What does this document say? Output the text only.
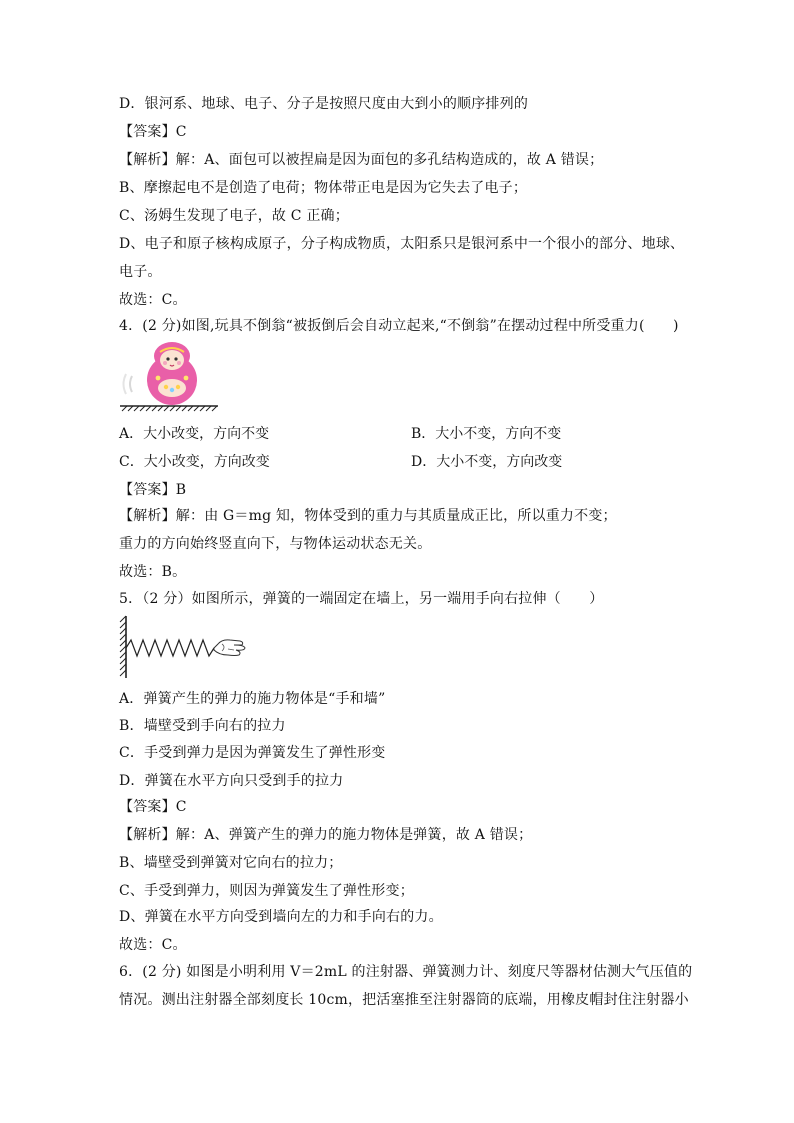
D．银河系、地球、电子、分子是按照尺度由大到小的顺序排列的
【答案】C
【解析】解：A、面包可以被捏扁是因为面包的多孔结构造成的，故 A 错误；
B、摩擦起电不是创造了电荷；物体带正电是因为它失去了电子；
C、汤姆生发现了电子，故 C 正确；
D、电子和原子核构成原子，分子构成物质，太阳系只是银河系中一个很小的部分、地球、
电子。
故选：C。
4．(2 分)如图,玩具不倒翁“被扳倒后会自动立起来,“不倒翁”在摆动过程中所受重力(　　)
A．大小改变，方向不变	B．大小不变，方向不变
C．大小改变，方向改变	D．大小不变，方向改变
【答案】B
【解析】解：由 G＝mg 知，物体受到的重力与其质量成正比，所以重力不变；
重力的方向始终竖直向下，与物体运动状态无关。
故选：B。
5．（2 分）如图所示，弹簧的一端固定在墙上，另一端用手向右拉伸（　　）
A．弹簧产生的弹力的施力物体是“手和墙”
B．墙壁受到手向右的拉力
C．手受到弹力是因为弹簧发生了弹性形变
D．弹簧在水平方向只受到手的拉力
【答案】C
【解析】解：A、弹簧产生的弹力的施力物体是弹簧，故 A 错误；
B、墙壁受到弹簧对它向右的拉力；
C、手受到弹力，则因为弹簧发生了弹性形变；
D、弹簧在水平方向受到墙向左的力和手向右的力。
故选：C。
6．(2 分) 如图是小明利用 V＝2mL 的注射器、弹簧测力计、刻度尺等器材估测大气压值的
情况。测出注射器全部刻度长 10cm，把活塞推至注射器筒的底端，用橡皮帽封住注射器小
